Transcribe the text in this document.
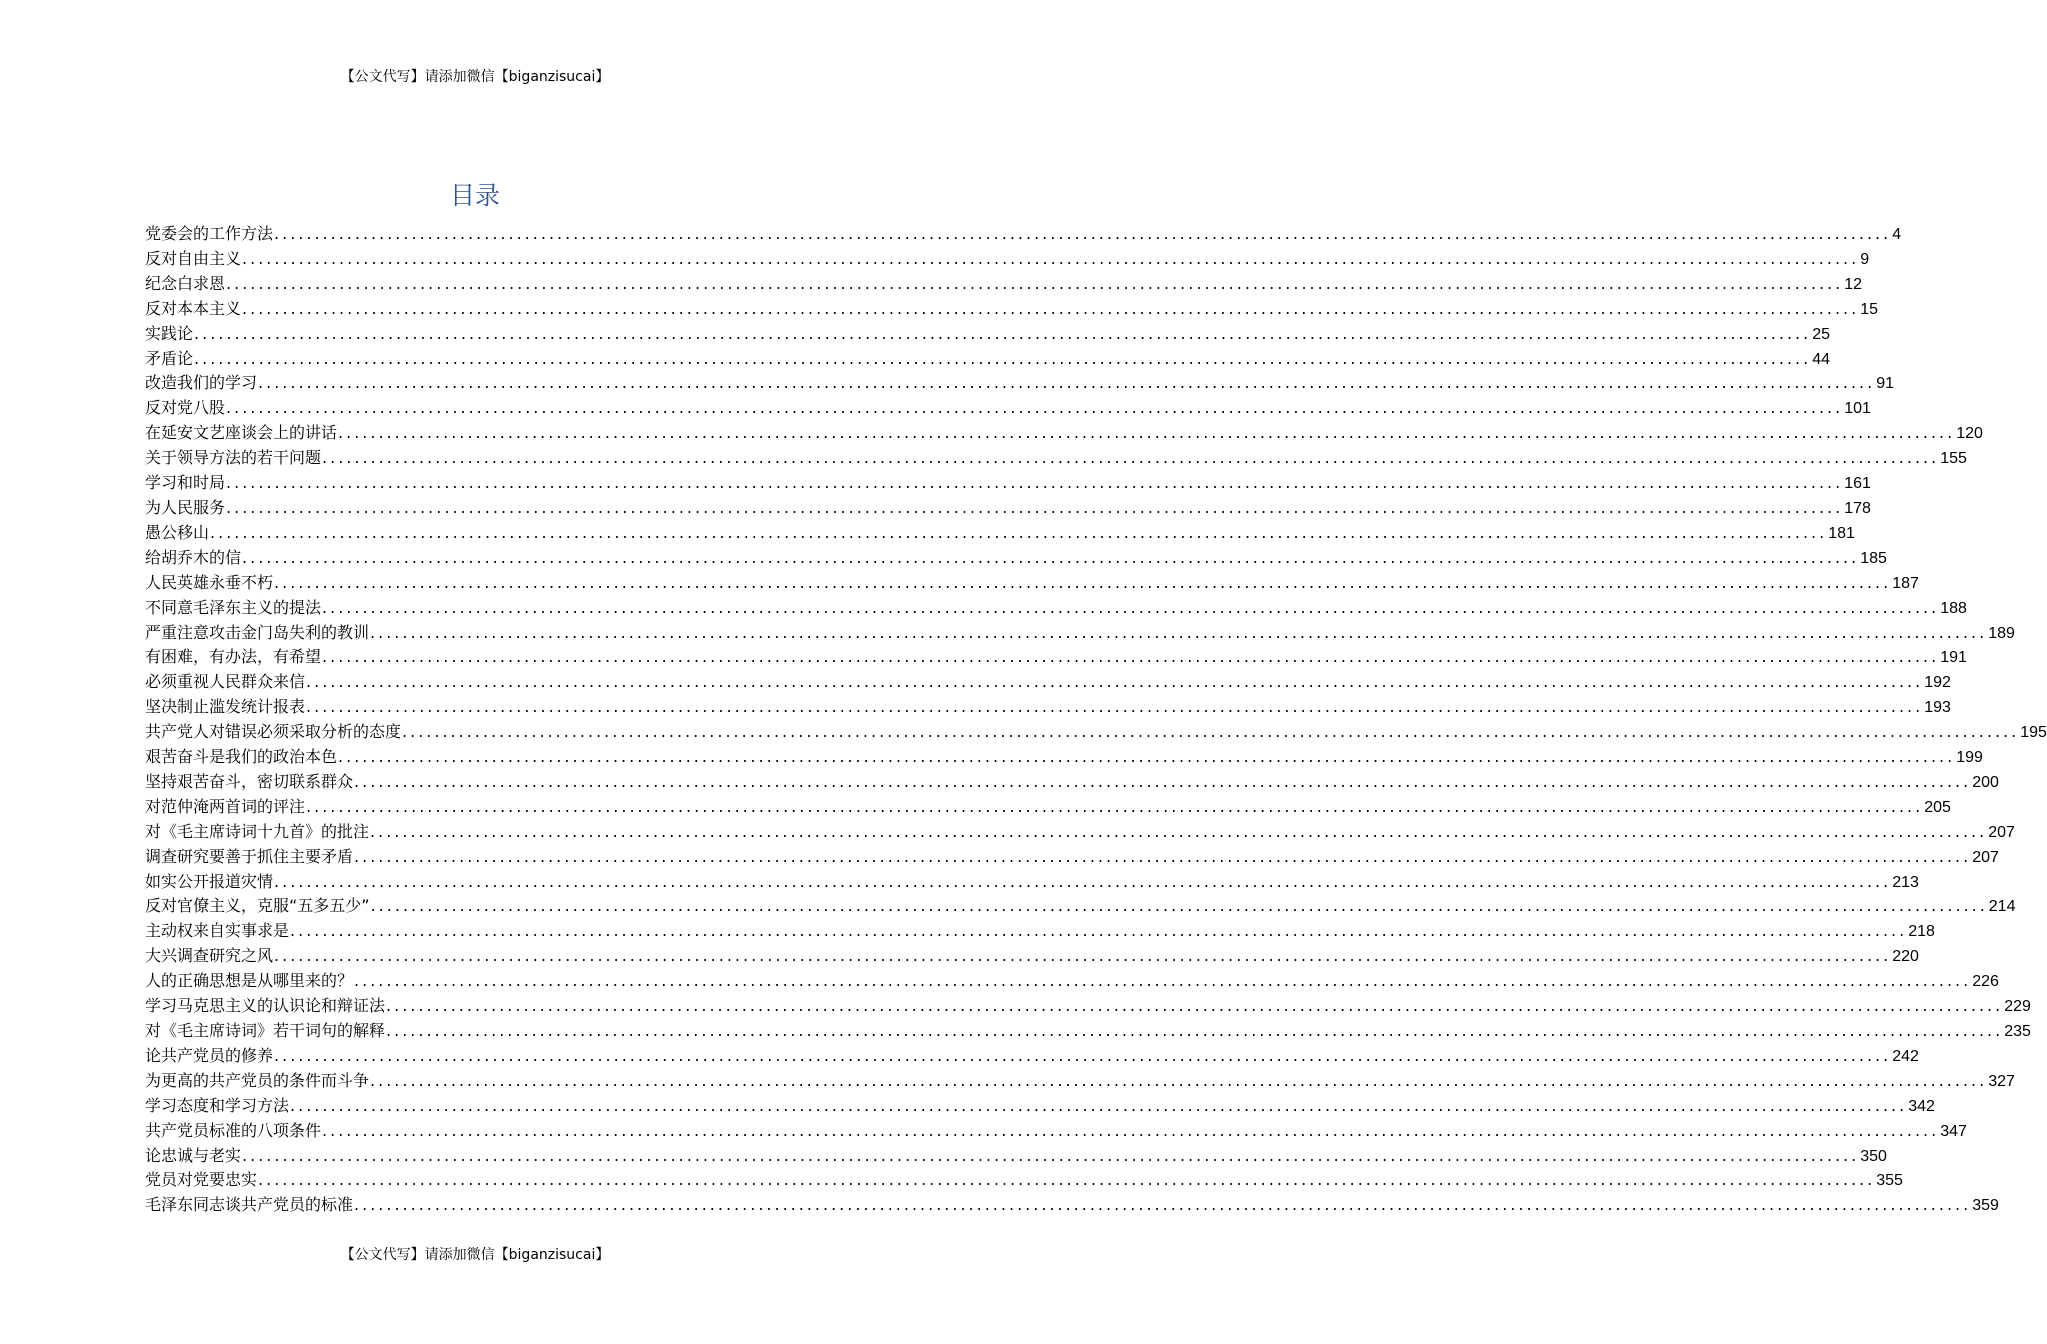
【公文代写】请添加微信【biganzisucai】
目录
党委会的工作方法 ........................................................................................................................................................................................................ 4
反对自由主义 ........................................................................................................................................................................................................ 9
纪念白求恩 ........................................................................................................................................................................................................ 12
反对本本主义 ........................................................................................................................................................................................................ 15
实践论 ........................................................................................................................................................................................................ 25
矛盾论 ........................................................................................................................................................................................................ 44
改造我们的学习 ........................................................................................................................................................................................................ 91
反对党八股 ........................................................................................................................................................................................................ 101
在延安文艺座谈会上的讲话 ........................................................................................................................................................................................................ 120
关于领导方法的若干问题 ........................................................................................................................................................................................................ 155
学习和时局 ........................................................................................................................................................................................................ 161
为人民服务 ........................................................................................................................................................................................................ 178
愚公移山 ........................................................................................................................................................................................................ 181
给胡乔木的信 ........................................................................................................................................................................................................ 185
人民英雄永垂不朽 ........................................................................................................................................................................................................ 187
不同意毛泽东主义的提法 ........................................................................................................................................................................................................ 188
严重注意攻击金门岛失利的教训 ........................................................................................................................................................................................................ 189
有困难，有办法，有希望 ........................................................................................................................................................................................................ 191
必须重视人民群众来信 ........................................................................................................................................................................................................ 192
坚决制止滥发统计报表 ........................................................................................................................................................................................................ 193
共产党人对错误必须采取分析的态度 ........................................................................................................................................................................................................ 195
艰苦奋斗是我们的政治本色 ........................................................................................................................................................................................................ 199
坚持艰苦奋斗，密切联系群众 ........................................................................................................................................................................................................ 200
对范仲淹两首词的评注 ........................................................................................................................................................................................................ 205
对《毛主席诗词十九首》的批注 ........................................................................................................................................................................................................ 207
调查研究要善于抓住主要矛盾 ........................................................................................................................................................................................................ 207
如实公开报道灾情 ........................................................................................................................................................................................................ 213
反对官僚主义，克服“五多五少” ........................................................................................................................................................................................................ 214
主动权来自实事求是 ........................................................................................................................................................................................................ 218
大兴调查研究之风 ........................................................................................................................................................................................................ 220
人的正确思想是从哪里来的？ ........................................................................................................................................................................................................ 226
学习马克思主义的认识论和辩证法 ........................................................................................................................................................................................................ 229
对《毛主席诗词》若干词句的解释 ........................................................................................................................................................................................................ 235
论共产党员的修养 ........................................................................................................................................................................................................ 242
为更高的共产党员的条件而斗争 ........................................................................................................................................................................................................ 327
学习态度和学习方法 ........................................................................................................................................................................................................ 342
共产党员标准的八项条件 ........................................................................................................................................................................................................ 347
论忠诚与老实 ........................................................................................................................................................................................................ 350
党员对党要忠实 ........................................................................................................................................................................................................ 355
毛泽东同志谈共产党员的标准 ........................................................................................................................................................................................................ 359
【公文代写】请添加微信【biganzisucai】
